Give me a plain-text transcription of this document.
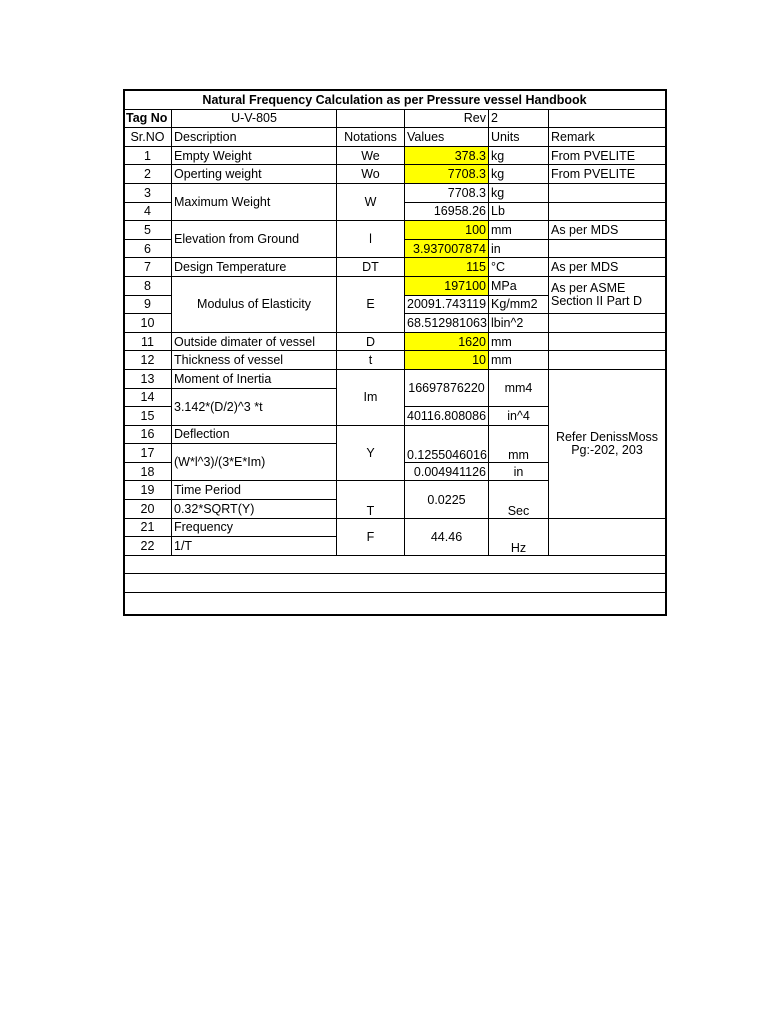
Natural Frequency Calculation as per Pressure vessel Handbook					
Tag No	U-V-805		Rev	2	
Sr.NO	Description	Notations	Values	Units	Remark
1	Empty Weight	We	378.3	kg	From PVELITE
2	Operting weight	Wo	7708.3	kg	From PVELITE
3	Maximum Weight	W	7708.3	kg	
4			16958.26	Lb	
5	Elevation from Ground	l	100	mm	As per MDS
6			3.937007874	in	
7	Design Temperature	DT	115	°C	As per MDS
8	Modulus of Elasticity	E	197100	MPa	As per ASME
Section II Part D
9			20091.743119	Kg/mm2	
10			68.512981063	lbin^2	
11	Outside dimater of vessel	D	1620	mm	
12	Thickness of vessel	t	10	mm	
13	Moment of Inertia	Im	16697876220	mm4	Refer DenissMoss
Pg:-202, 203
14	3.142*(D/2)^3 *t				
15			40116.808086	in^4	
16	Deflection	Y	0.1255046016	mm	
17	(W*l^3)/(3*E*Im)				
18			0.004941126	in	
19	Time Period	T	0.0225	Sec	
20	0.32*SQRT(Y)				
21	Frequency	F	44.46	Hz	
22	1/T				
